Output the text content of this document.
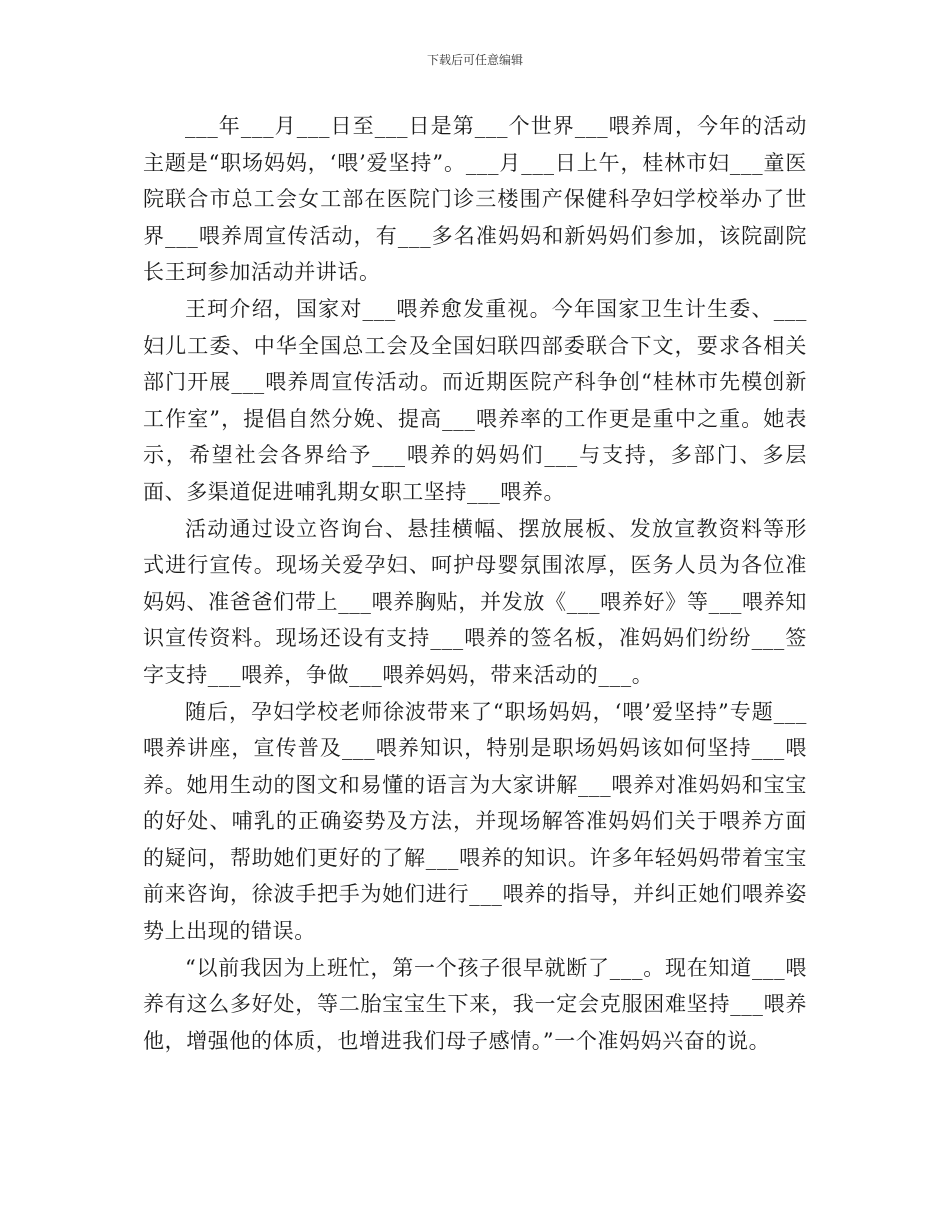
下载后可任意编辑

___年___月___日至___日是第___个世界___喂养周，今年的活动主题是“职场妈妈，‘喂’爱坚持”。___月___日上午，桂林市妇___童医院联合市总工会女工部在医院门诊三楼围产保健科孕妇学校举办了世界___喂养周宣传活动，有___多名准妈妈和新妈妈们参加，该院副院长王珂参加活动并讲话。

王珂介绍，国家对___喂养愈发重视。今年国家卫生计生委、___妇儿工委、中华全国总工会及全国妇联四部委联合下文，要求各相关部门开展___喂养周宣传活动。而近期医院产科争创“桂林市先模创新工作室”，提倡自然分娩、提高___喂养率的工作更是重中之重。她表示，希望社会各界给予___喂养的妈妈们___与支持，多部门、多层面、多渠道促进哺乳期女职工坚持___喂养。

活动通过设立咨询台、悬挂横幅、摆放展板、发放宣教资料等形式进行宣传。现场关爱孕妇、呵护母婴氛围浓厚，医务人员为各位准妈妈、准爸爸们带上___喂养胸贴，并发放《___喂养好》等___喂养知识宣传资料。现场还设有支持___喂养的签名板，准妈妈们纷纷___签字支持___喂养，争做___喂养妈妈，带来活动的___。

随后，孕妇学校老师徐波带来了“职场妈妈，‘喂’爱坚持”专题___喂养讲座，宣传普及___喂养知识，特别是职场妈妈该如何坚持___喂养。她用生动的图文和易懂的语言为大家讲解___喂养对准妈妈和宝宝的好处、哺乳的正确姿势及方法，并现场解答准妈妈们关于喂养方面的疑问，帮助她们更好的了解___喂养的知识。许多年轻妈妈带着宝宝前来咨询，徐波手把手为她们进行___喂养的指导，并纠正她们喂养姿势上出现的错误。

“以前我因为上班忙，第一个孩子很早就断了___。现在知道___喂养有这么多好处，等二胎宝宝生下来，我一定会克服困难坚持___喂养他，增强他的体质，也增进我们母子感情。”一个准妈妈兴奋的说。
